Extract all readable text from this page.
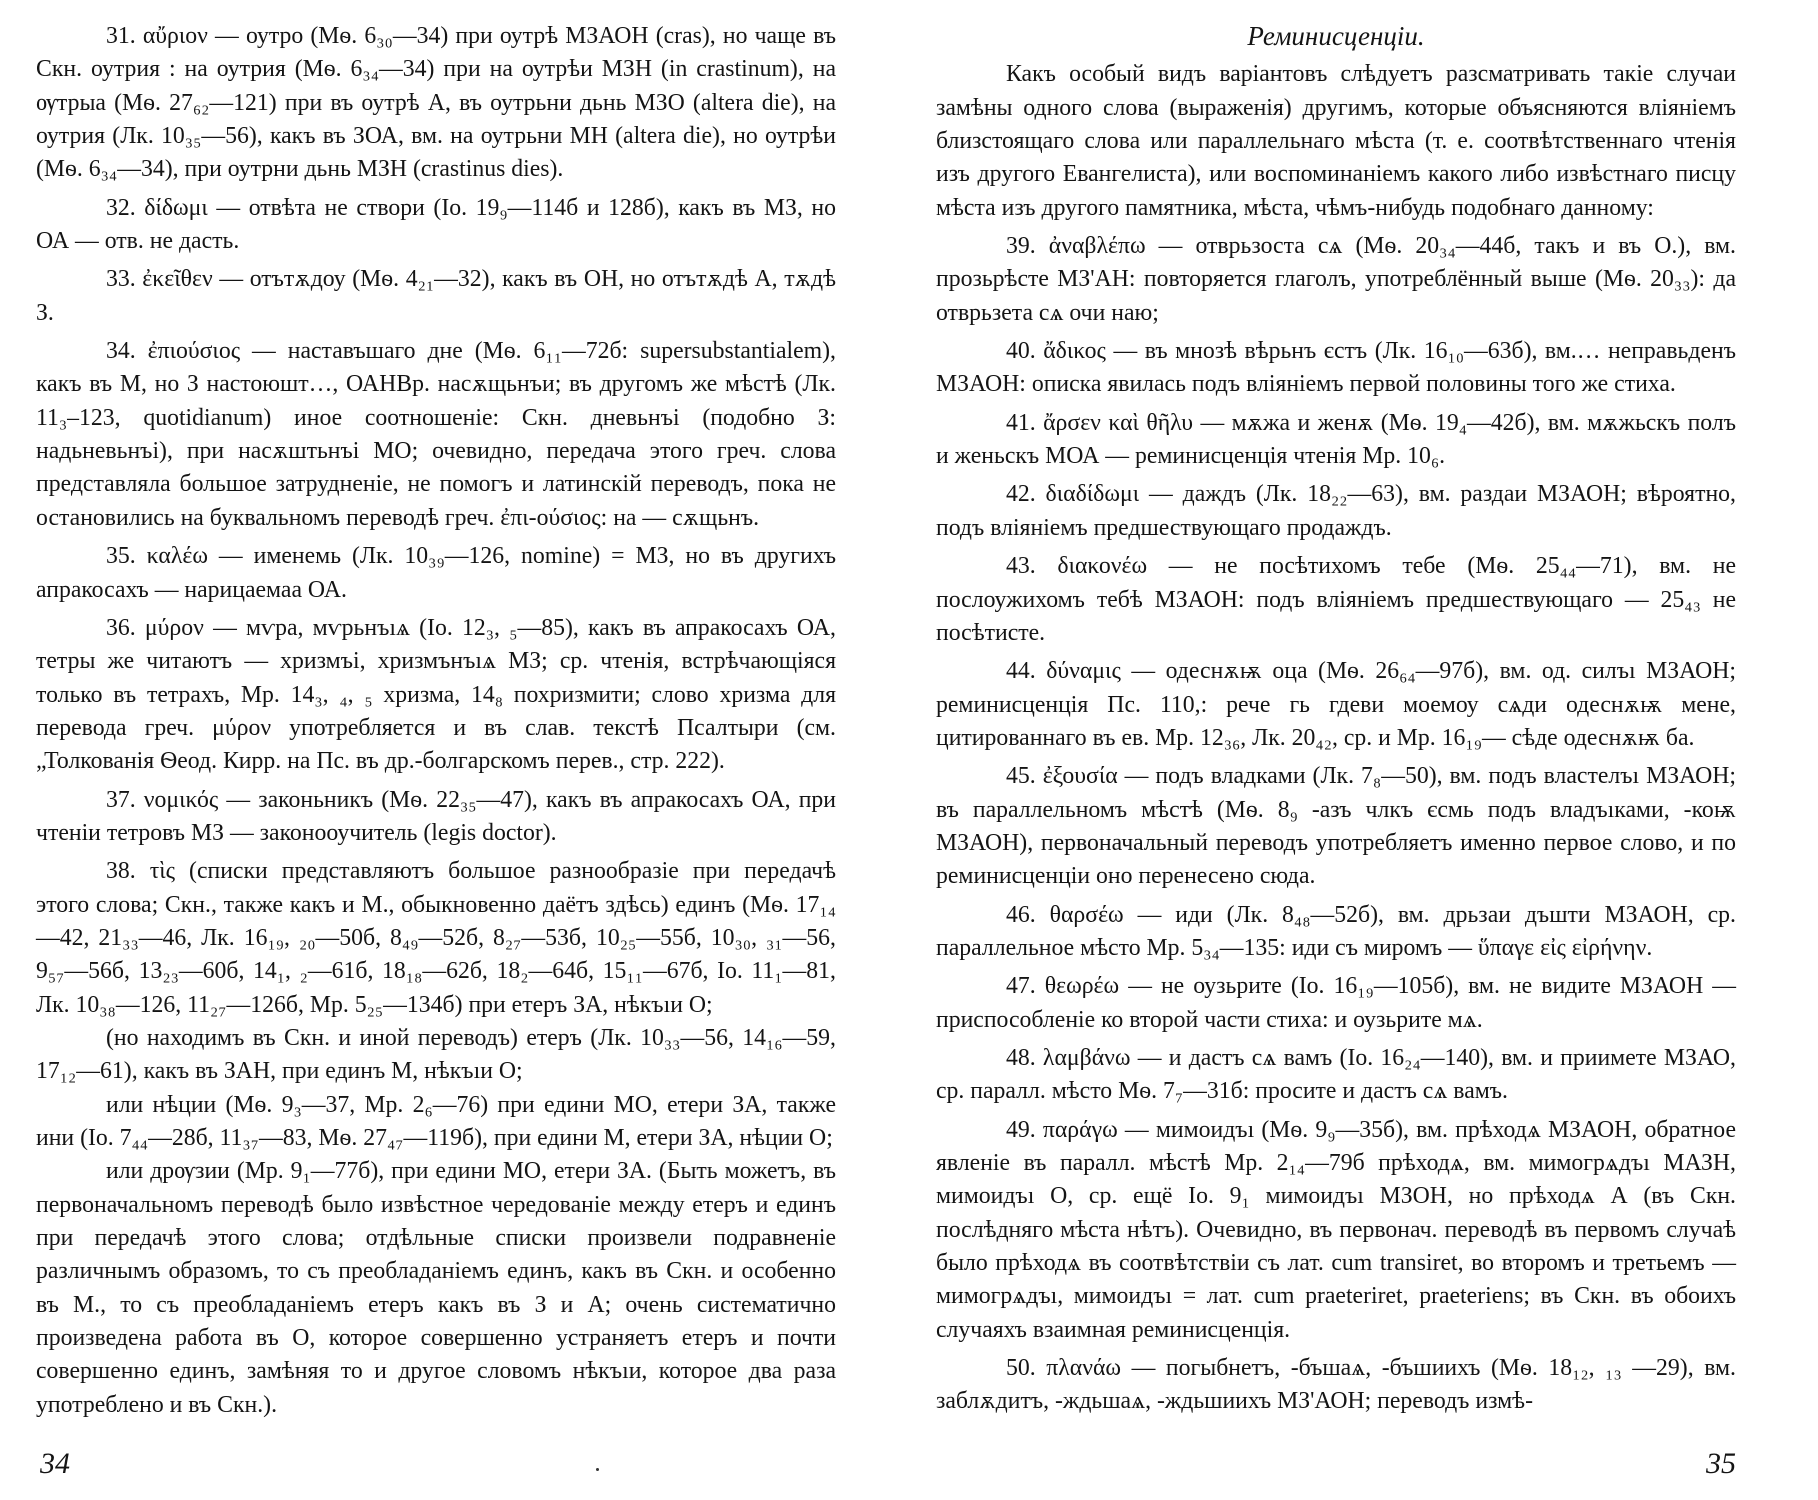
31. αὔριον — оутро (Мѳ. 6₃₀—34) при оутрѣ МЗАОН (cras), но чаще въ Скн. оутрия : на оутрия (Мѳ. 6₃₄—34) при на оутрѣи МЗН (in crastinum), на ѹтрыа (Мѳ. 27₆₂—121) при въ оутрѣ А, въ оутрьни дьнь МЗО (altera die), на оутрия (Лк. 10₃₅—56), какъ въ ЗОА, вм. на оутрьни МН (altera die), но оутрѣи (Мѳ. 6₃₄—34), при оутрни дьнь МЗН (crastinus dies).

32. δίδωμι — отвѣта не створи (Іо. 19₉—114б и 128б), какъ въ МЗ, но ОА — отв. не дасть.

33. ἐκεῖθεν — отътѫдоу (Мѳ. 4₂₁—32), какъ въ ОН, но отътѫдѣ А, тѫдѣ З.

34. ἐπιούσιος — наставъшаго дне (Мѳ. 6₁₁—72б: supersubstantialem), какъ въ М, но З настоюшт…, ОАНВр. насѫщьнъи; въ другомъ же мѣстѣ (Лк. 11₃–123, quotidianum) иное соотношеніе: Скн. дневьнъі (подобно З: надьневьнъі), при насѫштьнъі МО; очевидно, передача этого греч. слова представляла большое затрудненіе, не помогъ и латинскій переводъ, пока не остановились на буквальномъ переводѣ греч. ἐπι-ούσιος: на — сѫщьнъ.

35. καλέω — именемь (Лк. 10₃₉—126, nomine) = МЗ, но въ другихъ апракосахъ — нарицаемаа ОА.

36. μύρον — мѵра, мѵрьнъıѧ (Іо. 12₃, ₅—85), какъ въ апракосахъ ОА, тетры же читаютъ — хризмъі, хризмънъıѧ МЗ; ср. чтенія, встрѣчающіяся только въ тетрахъ, Мр. 14₃, ₄, ₅ хризма, 14₈ похризмити; слово хризма для перевода греч. μύρον употребляется и въ слав. текстѣ Псалтыри (см. „Толкованія Ѳеод. Кирр. на Пс. въ др.-болгарскомъ перев., стр. 222).

37. νομικός — законьникъ (Мѳ. 22₃₅—47), какъ въ апракосахъ ОА, при чтеніи тетровъ МЗ — законооучитель (legis doctor).

38. τὶς (списки представляютъ большое разнообразіе при передачѣ этого слова; Скн., также какъ и М., обыкновенно даётъ здѣсь) единъ (Мѳ. 17₁₄—42, 21₃₃—46, Лк. 16₁₉, ₂₀—50б, 8₄₉—52б, 8₂₇—53б, 10₂₅—55б, 10₃₀, ₃₁—56, 9₅₇—56б, 13₂₃—60б, 14₁, ₂—61б, 18₁₈—62б, 18₂—64б, 15₁₁—67б, Іо. 11₁—81, Лк. 10₃₈—126, 11₂₇—126б, Мр. 5₂₅—134б) при етеръ ЗА, нѣкъıи О;

(но находимъ въ Скн. и иной переводъ) етеръ (Лк. 10₃₃—56, 14₁₆—59, 17₁₂—61), какъ въ ЗАН, при единъ М, нѣкъıи О;

или нѣции (Мѳ. 9₃—37, Мр. 2₆—76) при едини МО, етери ЗА, также ини (Іо. 7₄₄—28б, 11₃₇—83, Мѳ. 27₄₇—119б), при едини М, етери ЗА, нѣции О;

или дрѹзии (Мр. 9₁—77б), при едини МО, етери ЗА. (Быть можетъ, въ первоначальномъ переводѣ было извѣстное чередованіе между етеръ и единъ при передачѣ этого слова; отдѣльные списки произвели подравненіе различнымъ образомъ, то съ преобладаніемъ единъ, какъ въ Скн. и особенно въ М., то съ преобладаніемъ етеръ какъ въ З и А; очень систематично произведена работа въ О, которое совершенно устраняетъ етеръ и почти совершенно единъ, замѣняя то и другое словомъ нѣкъıи, которое два раза употреблено и въ Скн.).

34

Реминисценціи.

Какъ особый видъ варіантовъ слѣдуетъ разсматривать такіе случаи замѣны одного слова (выраженія) другимъ, которые объясняются вліяніемъ близстоящаго слова или параллельнаго мѣста (т. е. соотвѣтственнаго чтенія изъ другого Евангелиста), или воспоминаніемъ какого либо извѣстнаго писцу мѣста изъ другого памятника, мѣста, чѣмъ-нибудь подобнаго данному:

39. ἀναβλέπω — отврьзоста сѧ (Мѳ. 20₃₄—44б, такъ и въ О.), вм. прозьрѣсте МЗ'АН: повторяется глаголъ, употреблённый выше (Мѳ. 20₃₃): да отврьзета сѧ очи наю;

40. ἄδικος — въ мнозѣ вѣрьнъ єстъ (Лк. 16₁₀—63б), вм.… неправьденъ МЗАОН: описка явилась подъ вліяніемъ первой половины того же стиха.

41. ἄρσεν καὶ θῆλυ — мѫжа и женѫ (Мѳ. 19₄—42б), вм. мѫжьскъ полъ и женьскъ МОА — реминисценція чтенія Мр. 10₆.

42. διαδίδωμι — даждъ (Лк. 18₂₂—63), вм. раздаи МЗАОН; вѣроятно, подъ вліяніемъ предшествующаго продаждъ.

43. διακονέω — не посѣтихомъ тебе (Мѳ. 25₄₄—71), вм. не послоужихомъ тебѣ МЗАОН: подъ вліяніемъ предшествующаго — 25₄₃ не посѣтисте.

44. δύναμις — одеснѫѭ оца (Мѳ. 26₆₄—97б), вм. од. силъı МЗАОН; реминисценція Пс. 110,: рече гь гдеви моемоу сѧди одеснѫѭ мене, цитированнаго въ ев. Мр. 12₃₆, Лк. 20₄₂, ср. и Мр. 16₁₉— сѣде одеснѫѭ ба.

45. ἐξουσία — подъ владками (Лк. 7₈—50), вм. подъ властелъı МЗАОН; въ параллельномъ мѣстѣ (Мѳ. 8₉ -азъ члкъ єсмь подъ владъıками, -коѭ МЗАОН), первоначальный переводъ употребляетъ именно первое слово, и по реминисценціи оно перенесено сюда.

46. θαρσέω — иди (Лк. 8₄₈—52б), вм. дрьзаи дъшти МЗАОН, ср. параллельное мѣсто Мр. 5₃₄—135: иди съ миромъ — ὕπαγε εἰς εἰρήνην.

47. θεωρέω — не оузьрите (Іо. 16₁₉—105б), вм. не видите МЗАОН — приспособленіе ко второй части стиха: и оузьрите мѧ.

48. λαμβάνω — и дастъ сѧ вамъ (Іо. 16₂₄—140), вм. и приимете МЗАО, ср. паралл. мѣсто Мѳ. 7₇—31б: просите и дастъ сѧ вамъ.

49. παράγω — мимоидъı (Мѳ. 9₉—35б), вм. прѣходѧ МЗАОН, обратное явленіе въ паралл. мѣстѣ Мр. 2₁₄—79б прѣходѧ, вм. мимогрѧдъı МАЗН, мимоидъı О, ср. ещё Іо. 9₁ мимоидъı МЗОН, но прѣходѧ А (въ Скн. послѣдняго мѣста нѣтъ). Очевидно, въ первонач. переводѣ въ первомъ случаѣ было прѣходѧ въ соотвѣтствіи съ лат. cum transiret, во второмъ и третьемъ — мимогрѧдъı, мимоидъı = лат. cum praeteriret, praeteriens; въ Скн. въ обоихъ случаяхъ взаимная реминисценція.

50. πλανάω — погыбнетъ, -бъшаѧ, -бъшиихъ (Мѳ. 18₁₂, ₁₃ —29), вм. заблѫдитъ, -ждьшаѧ, -ждьшиихъ МЗ'АОН; переводъ измѣ-

35
